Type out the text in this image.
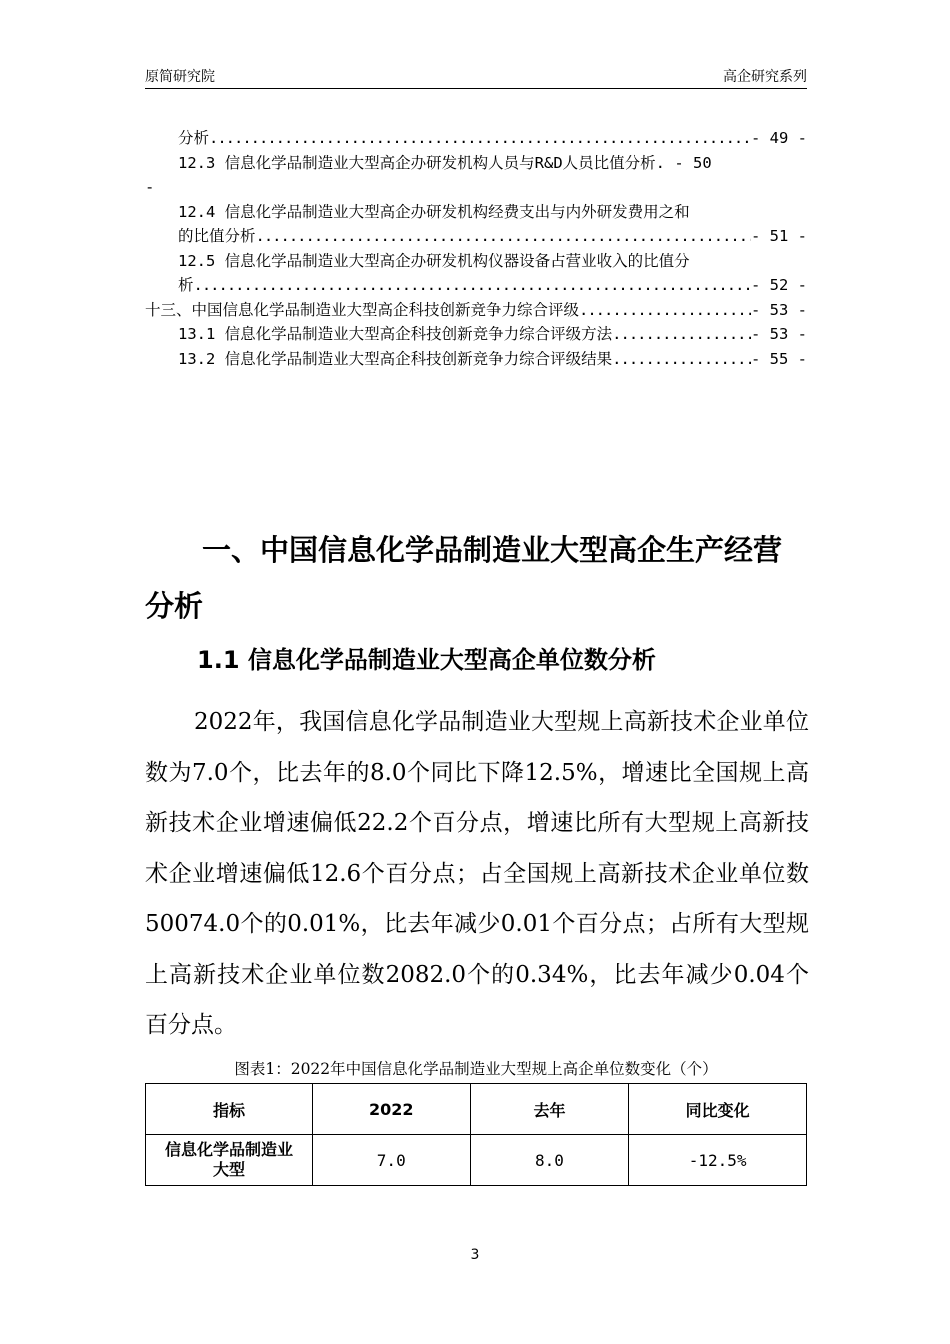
原简研究院	高企研究系列
分析 .....	- 49 -
12.3 信息化学品制造业大型高企办研发机构人员与R&D人员比值分析 . - 50
-
12.4 信息化学品制造业大型高企办研发机构经费支出与内外研发费用之和
的比值分析 .....	- 51 -
12.5 信息化学品制造业大型高企办研发机构仪器设备占营业收入的比值分
析 .....	- 52 -
十三、中国信息化学品制造业大型高企科技创新竞争力综合评级 .....	- 53 -
13.1 信息化学品制造业大型高企科技创新竞争力综合评级方法 .....	- 53 -
13.2 信息化学品制造业大型高企科技创新竞争力综合评级结果 .....	- 55 -
一、中国信息化学品制造业大型高企生产经营分析
1.1 信息化学品制造业大型高企单位数分析

2022年，我国信息化学品制造业大型规上高新技术企业单位数为7.0个，比去年的8.0个同比下降12.5%，增速比全国规上高新技术企业增速偏低22.2个百分点，增速比所有大型规上高新技术企业增速偏低12.6个百分点；占全国规上高新技术企业单位数50074.0个的0.01%，比去年减少0.01个百分点；占所有大型规上高新技术企业单位数2082.0个的0.34%，比去年减少0.04个百分点。

图表1：2022年中国信息化学品制造业大型规上高企单位数变化（个）
指标	2022	去年	同比变化
信息化学品制造业大型	7.0	8.0	-12.5%
3
